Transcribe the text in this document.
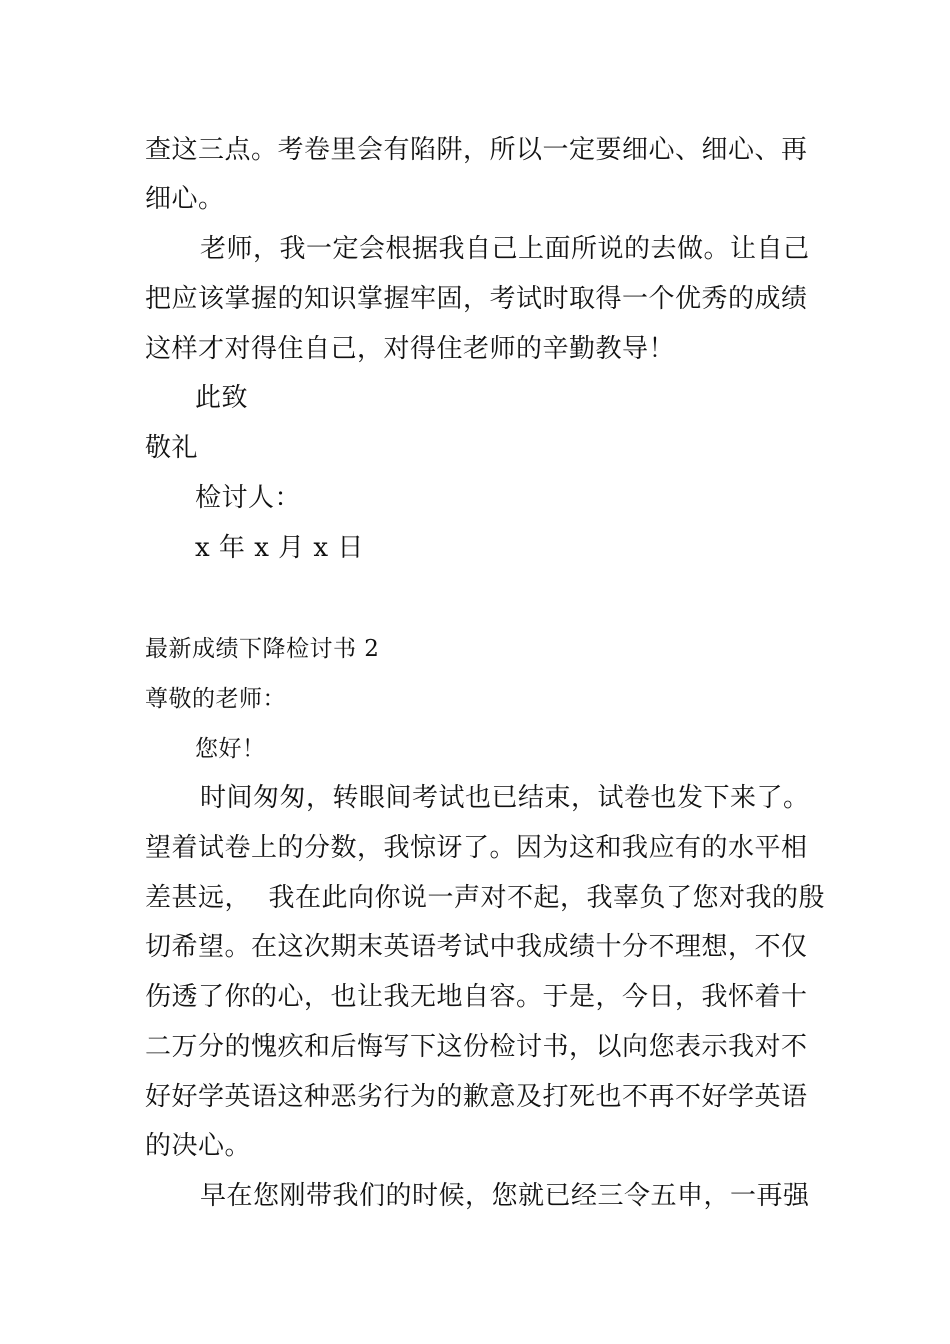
查这三点。考卷里会有陷阱，所以一定要细心、细心、再
细心。
老师，我一定会根据我自己上面所说的去做。让自己
把应该掌握的知识掌握牢固，考试时取得一个优秀的成绩
这样才对得住自己，对得住老师的辛勤教导！
此致
敬礼
检讨人：
x 年 x 月 x 日
最新成绩下降检讨书 2
尊敬的老师：
您好！
时间匆匆，转眼间考试也已结束，试卷也发下来了。
望着试卷上的分数，我惊讶了。因为这和我应有的水平相
差甚远，  我在此向你说一声对不起，我辜负了您对我的殷
切希望。在这次期末英语考试中我成绩十分不理想，不仅
伤透了你的心，也让我无地自容。于是，今日，我怀着十
二万分的愧疚和后悔写下这份检讨书，以向您表示我对不
好好学英语这种恶劣行为的歉意及打死也不再不好学英语
的决心。
早在您刚带我们的时候，您就已经三令五申，一再强
